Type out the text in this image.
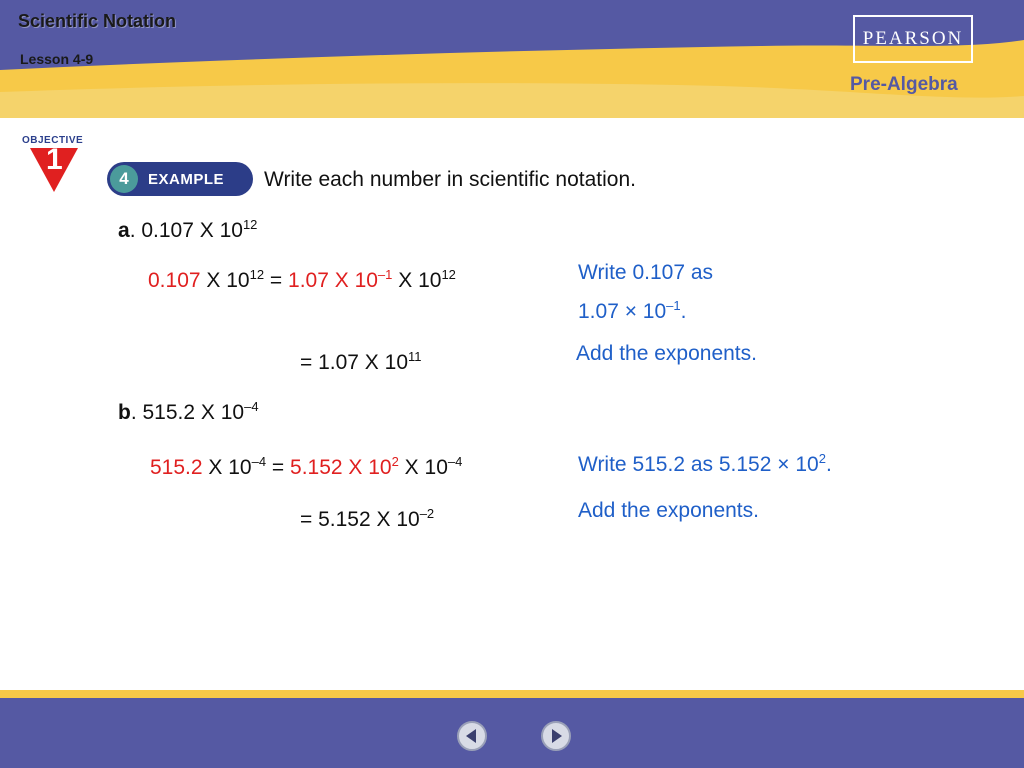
Scientific Notation
Lesson 4-9
PEARSON
Pre-Algebra
OBJECTIVE
1
4	EXAMPLE Write each number in scientific notation.
a. 0.107 X $10^{12}$
0.107 X $10^{12} = 1.07$ X $10^{-1}$ X $10^{12}$
= 1.07 X $10^{11}$
Write 0.107 as
$1.07 \times 10^{-1}$.
Add the exponents.
b. 515.2 X $10^{-4}$
515.2 X $10^{-4} = 5.152$ X $10^2$ X $10^{-4}$
= 5.152 X $10^{-2}$
Write 515.2 as $5.152 \times 10^2$.
Add the exponents.
